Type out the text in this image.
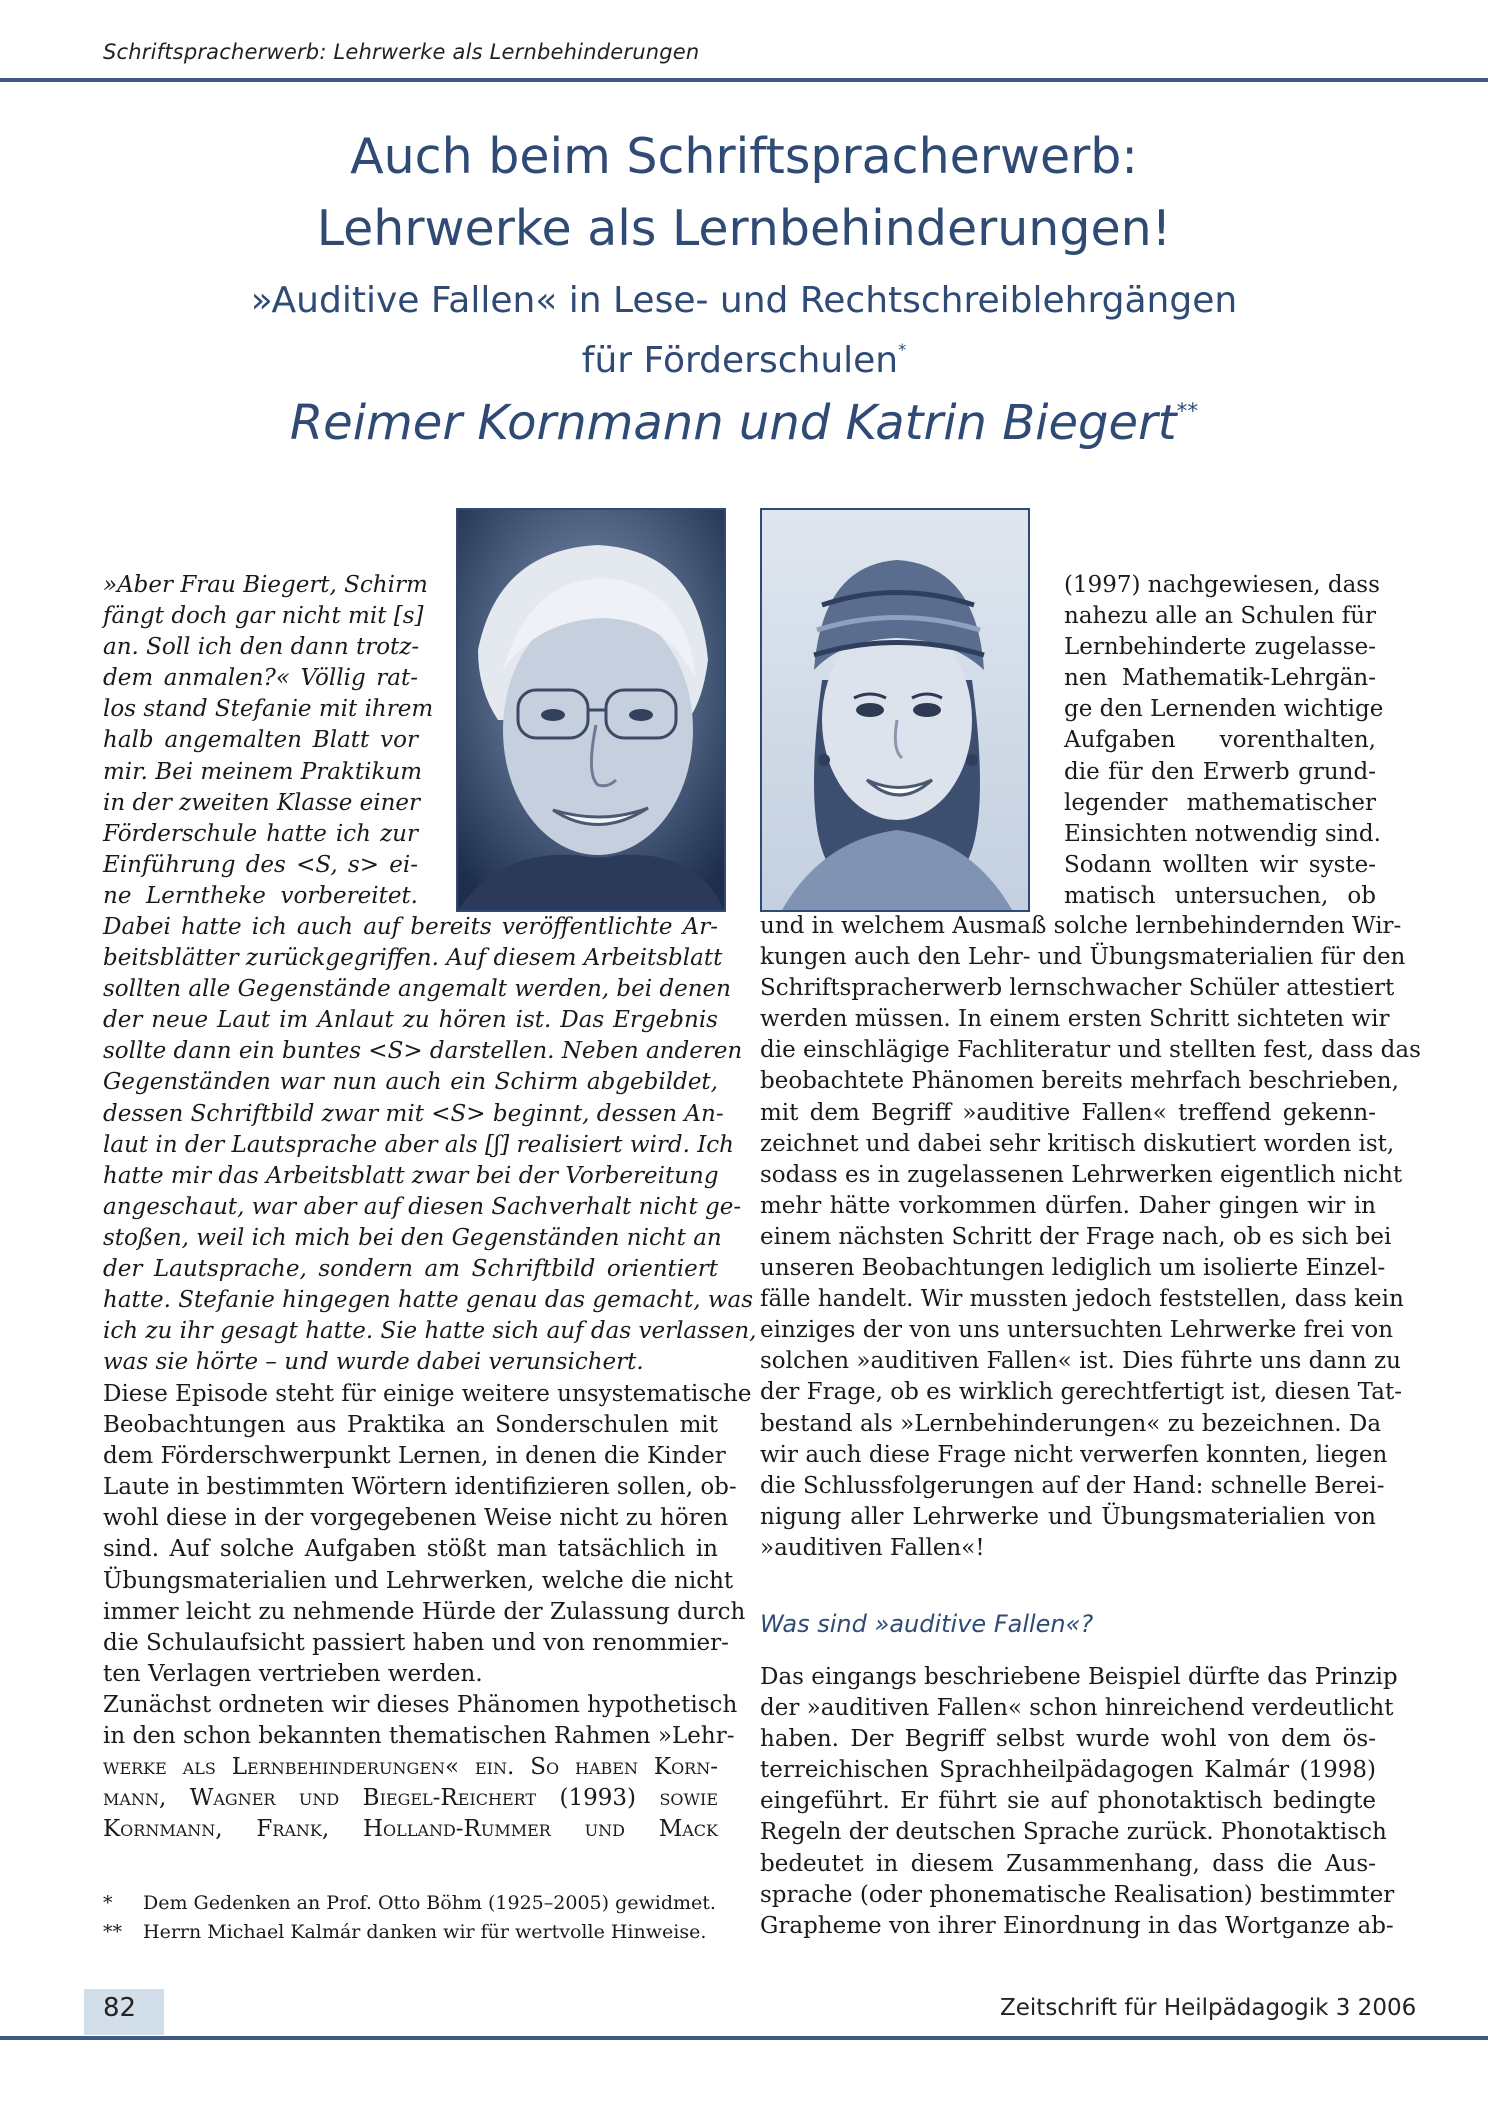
Schriftspracherwerb: Lehrwerke als Lernbehinderungen
Auch beim Schriftspracherwerb:
Lehrwerke als Lernbehinderungen!
»Auditive Fallen« in Lese- und Rechtschreiblehrgängen
für Förderschulen*
Reimer Kornmann und Katrin Biegert**
»Aber Frau Biegert, Schirm
fängt doch gar nicht mit [s]
an. Soll ich den dann trotz-
dem anmalen?« Völlig rat-
los stand Stefanie mit ihrem
halb angemalten Blatt vor
mir. Bei meinem Praktikum
in der zweiten Klasse einer
Förderschule hatte ich zur
Einführung des <S, s> ei-
ne Lerntheke vorbereitet.
Dabei hatte ich auch auf bereits veröffentlichte Ar-
beitsblätter zurückgegriffen. Auf diesem Arbeitsblatt
sollten alle Gegenstände angemalt werden, bei denen
der neue Laut im Anlaut zu hören ist. Das Ergebnis
sollte dann ein buntes <S> darstellen. Neben anderen
Gegenständen war nun auch ein Schirm abgebildet,
dessen Schriftbild zwar mit <S> beginnt, dessen An-
laut in der Lautsprache aber als [ʃ] realisiert wird. Ich
hatte mir das Arbeitsblatt zwar bei der Vorbereitung
angeschaut, war aber auf diesen Sachverhalt nicht ge-
stoßen, weil ich mich bei den Gegenständen nicht an
der Lautsprache, sondern am Schriftbild orientiert
hatte. Stefanie hingegen hatte genau das gemacht, was
ich zu ihr gesagt hatte. Sie hatte sich auf das verlassen,
was sie hörte – und wurde dabei verunsichert.
Diese Episode steht für einige weitere unsystematische
Beobachtungen aus Praktika an Sonderschulen mit
dem Förderschwerpunkt Lernen, in denen die Kinder
Laute in bestimmten Wörtern identifizieren sollen, ob-
wohl diese in der vorgegebenen Weise nicht zu hören
sind. Auf solche Aufgaben stößt man tatsächlich in
Übungsmaterialien und Lehrwerken, welche die nicht
immer leicht zu nehmende Hürde der Zulassung durch
die Schulaufsicht passiert haben und von renommier-
ten Verlagen vertrieben werden.
Zunächst ordneten wir dieses Phänomen hypothetisch
in den schon bekannten thematischen Rahmen »Lehr-
werke als Lernbehinderungen« ein. So haben Korn-
mann, Wagner und Biegel-Reichert (1993) sowie
Kornmann, Frank, Holland-Rummer und Mack
*	Dem Gedenken an Prof. Otto Böhm (1925–2005) gewidmet.
**	Herrn Michael Kalmár danken wir für wertvolle Hinweise.
(1997) nachgewiesen, dass
nahezu alle an Schulen für
Lernbehinderte zugelasse-
nen Mathematik-Lehrgän-
ge den Lernenden wichtige
Aufgaben vorenthalten,
die für den Erwerb grund-
legender mathematischer
Einsichten notwendig sind.
Sodann wollten wir syste-
matisch untersuchen, ob
und in welchem Ausmaß solche lernbehindernden Wir-
kungen auch den Lehr- und Übungsmaterialien für den
Schriftspracherwerb lernschwacher Schüler attestiert
werden müssen. In einem ersten Schritt sichteten wir
die einschlägige Fachliteratur und stellten fest, dass das
beobachtete Phänomen bereits mehrfach beschrieben,
mit dem Begriff »auditive Fallen« treffend gekenn-
zeichnet und dabei sehr kritisch diskutiert worden ist,
sodass es in zugelassenen Lehrwerken eigentlich nicht
mehr hätte vorkommen dürfen. Daher gingen wir in
einem nächsten Schritt der Frage nach, ob es sich bei
unseren Beobachtungen lediglich um isolierte Einzel-
fälle handelt. Wir mussten jedoch feststellen, dass kein
einziges der von uns untersuchten Lehrwerke frei von
solchen »auditiven Fallen« ist. Dies führte uns dann zu
der Frage, ob es wirklich gerechtfertigt ist, diesen Tat-
bestand als »Lernbehinderungen« zu bezeichnen. Da
wir auch diese Frage nicht verwerfen konnten, liegen
die Schlussfolgerungen auf der Hand: schnelle Berei-
nigung aller Lehrwerke und Übungsmaterialien von
»auditiven Fallen«!
Was sind »auditive Fallen«?
Das eingangs beschriebene Beispiel dürfte das Prinzip
der »auditiven Fallen« schon hinreichend verdeutlicht
haben. Der Begriff selbst wurde wohl von dem ös-
terreichischen Sprachheilpädagogen Kalmár (1998)
eingeführt. Er führt sie auf phonotaktisch bedingte
Regeln der deutschen Sprache zurück. Phonotaktisch
bedeutet in diesem Zusammenhang, dass die Aus-
sprache (oder phonematische Realisation) bestimmter
Grapheme von ihrer Einordnung in das Wortganze ab-
82	Zeitschrift für Heilpädagogik 3 2006
